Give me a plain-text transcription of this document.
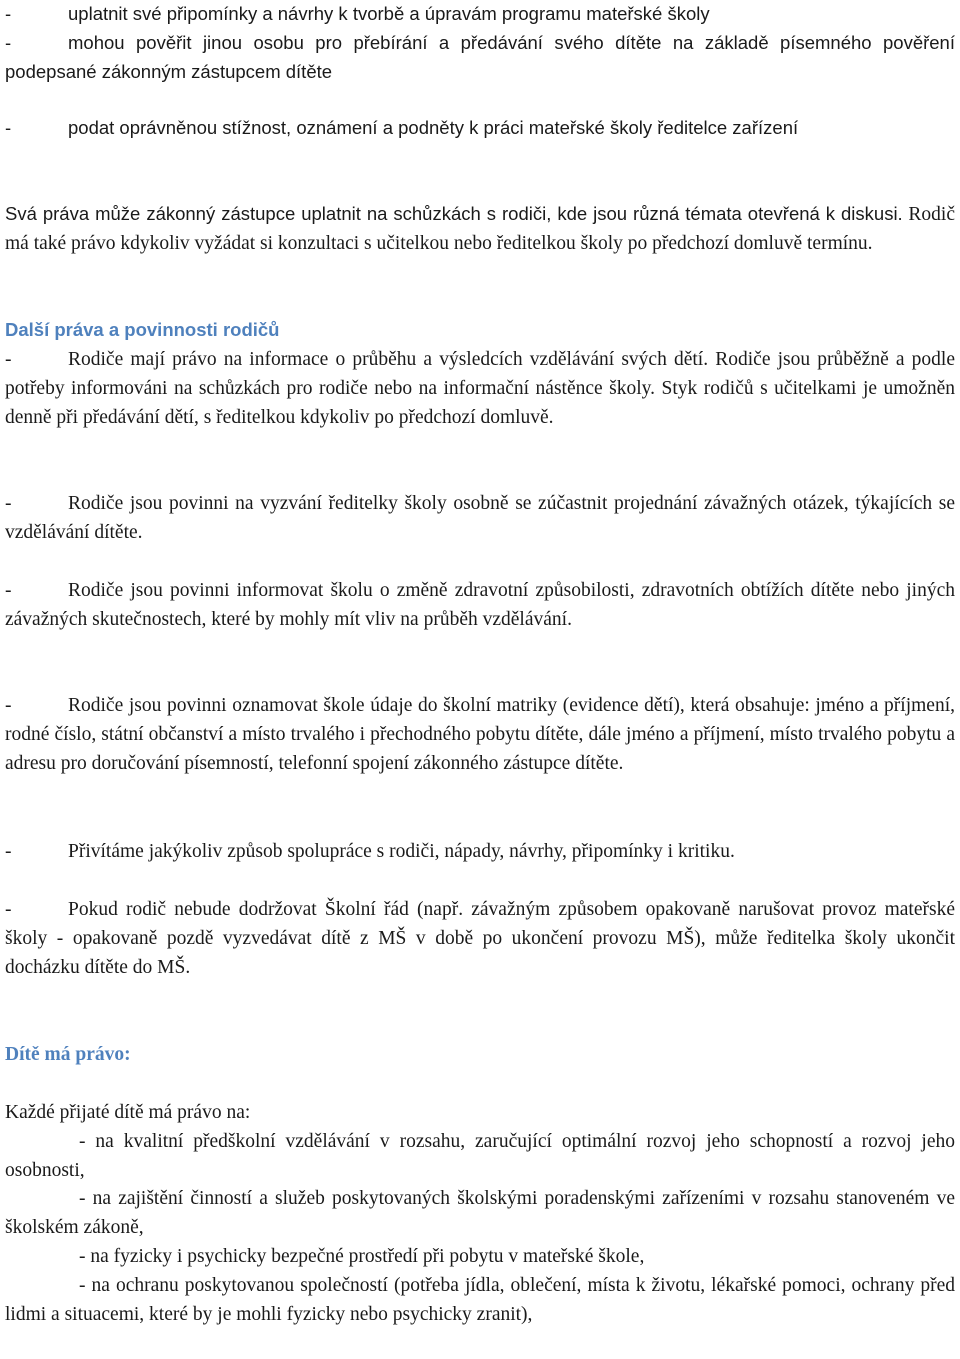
-	uplatnit své připomínky a návrhy k tvorbě a úpravám programu mateřské školy

-	mohou pověřit jinou osobu pro přebírání a předávání svého dítěte na základě písemného pověření podepsané zákonným zástupcem dítěte

-	podat oprávněnou stížnost, oznámení a podněty k práci mateřské školy ředitelce zařízení

Svá práva může zákonný zástupce uplatnit na schůzkách s rodiči, kde jsou různá témata otevřená k diskusi. Rodič má také právo kdykoliv vyžádat si konzultaci s učitelkou nebo ředitelkou školy po předchozí domluvě termínu.

Další práva a povinnosti rodičů

-	Rodiče mají právo na informace o průběhu a výsledcích vzdělávání svých dětí. Rodiče jsou průběžně a podle potřeby informováni na schůzkách pro rodiče nebo na informační nástěnce školy. Styk rodičů s učitelkami je umožněn denně při předávání dětí, s ředitelkou kdykoliv po předchozí domluvě.

-	Rodiče jsou povinni na vyzvání ředitelky školy osobně se zúčastnit projednání závažných otázek, týkajících se vzdělávání dítěte.

-	Rodiče jsou povinni informovat školu o změně zdravotní způsobilosti, zdravotních obtížích dítěte nebo jiných závažných skutečnostech, které by mohly mít vliv na průběh vzdělávání.

-	Rodiče jsou povinni oznamovat škole údaje do školní matriky (evidence dětí), která obsahuje: jméno a příjmení, rodné číslo, státní občanství a místo trvalého i přechodného pobytu dítěte, dále jméno a příjmení, místo trvalého pobytu a adresu pro doručování písemností, telefonní spojení zákonného zástupce dítěte.

-	Přivítáme jakýkoliv způsob spolupráce s rodiči, nápady, návrhy, připomínky i kritiku.

-	Pokud rodič nebude dodržovat Školní řád (např. závažným způsobem opakovaně narušovat provoz mateřské školy - opakovaně pozdě vyzvedávat dítě z MŠ v době po ukončení provozu MŠ), může ředitelka školy ukončit docházku dítěte do MŠ.

Dítě má právo:

Každé přijaté dítě má právo na:

- na kvalitní předškolní vzdělávání v rozsahu, zaručující optimální rozvoj jeho schopností a rozvoj jeho osobnosti,

- na zajištění činností a služeb poskytovaných školskými poradenskými zařízeními v rozsahu stanoveném ve školském zákoně,

- na fyzicky i psychicky bezpečné prostředí při pobytu v mateřské škole,

- na ochranu poskytovanou společností (potřeba jídla, oblečení, místa k životu, lékařské pomoci, ochrany před lidmi a situacemi, které by je mohli fyzicky nebo psychicky zranit),
